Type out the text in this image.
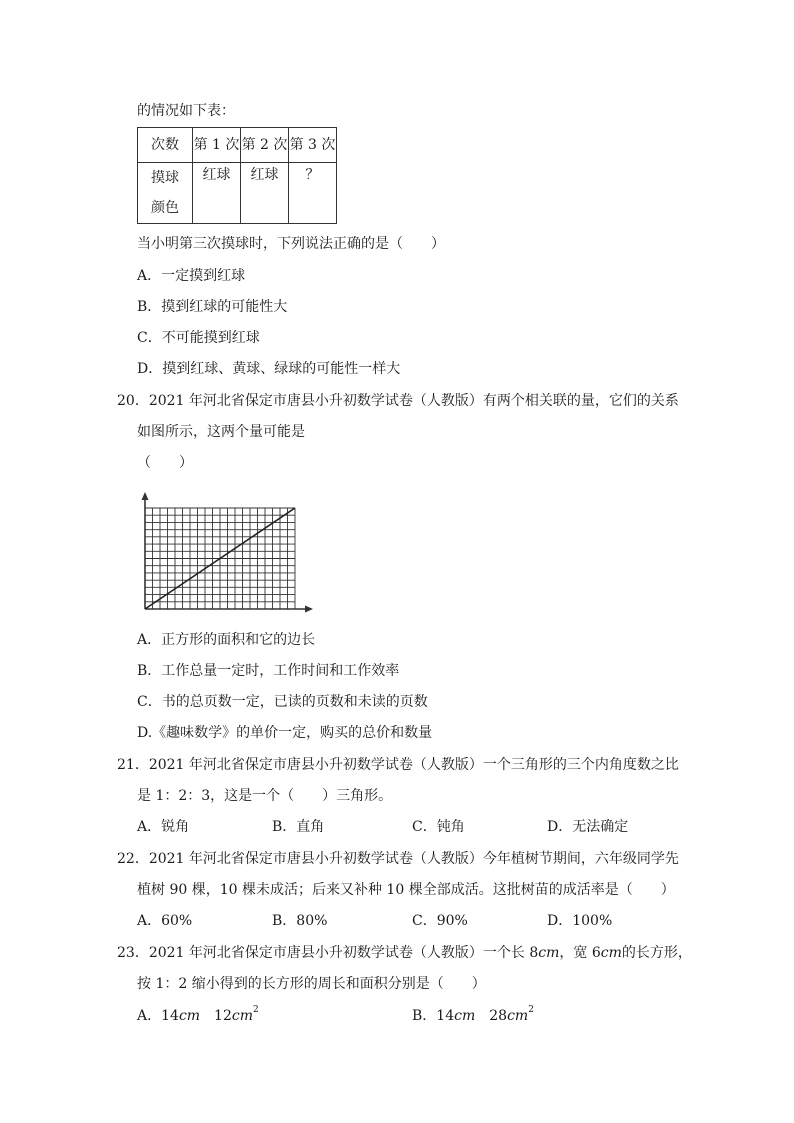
的情况如下表：
次数	第 1 次	第 2 次	第 3 次
摸球颜色	红球	红球	？
当小明第三次摸球时，下列说法正确的是（　　）
A．一定摸到红球
B．摸到红球的可能性大
C．不可能摸到红球
D．摸到红球、黄球、绿球的可能性一样大
20．2021 年河北省保定市唐县小升初数学试卷（人教版）有两个相关联的量，它们的关系
如图所示，这两个量可能是
（　　）
A．正方形的面积和它的边长
B．工作总量一定时，工作时间和工作效率
C．书的总页数一定，已读的页数和未读的页数
D.《趣味数学》的单价一定，购买的总价和数量
21．2021 年河北省保定市唐县小升初数学试卷（人教版）一个三角形的三个内角度数之比
是 1：2：3，这是一个（　　）三角形。
A．锐角	B．直角	C．钝角	D．无法确定
22．2021 年河北省保定市唐县小升初数学试卷（人教版）今年植树节期间，六年级同学先
植树 90 棵，10 棵未成活；后来又补种 10 棵全部成活。这批树苗的成活率是（　　）
A．60%	B．80%	C．90%	D．100%
23．2021 年河北省保定市唐县小升初数学试卷（人教版）一个长 8cm，宽 6cm的长方形，
按 1：2 缩小得到的长方形的周长和面积分别是（　　）
A．14cm　$12cm^2$	B．14cm　$28cm^2$
